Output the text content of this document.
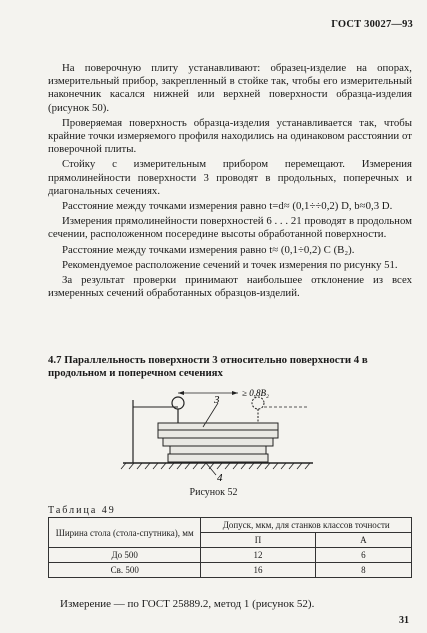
ГОСТ 30027—93

На поверочную плиту устанавливают: образец-изделие на опорах, измерительный прибор, закрепленный в стойке так, чтобы его измерительный наконечник касался нижней или верхней поверхности образца-изделия (рисунок 50).

Проверяемая поверхность образца-изделия устанавливается так, чтобы крайние точки измеряемого профиля находились на одинаковом расстоянии от поверочной плиты.

Стойку с измерительным прибором перемещают. Измерения прямолинейности поверхности 3 проводят в продольных, поперечных и диагональных сечениях.

Расстояние между точками измерения равно t=d≈ (0,1÷÷0,2) D, b≈0,3 D.

Измерения прямолинейности поверхностей 6 . . . 21 проводят в продольном сечении, расположенном посередине высоты обработанной поверхности.

Расстояние между точками измерения равно t≈ (0,1÷0,2) C (B₂).

Рекомендуемое расположение сечений и точек измерения по рисунку 51.

За результат проверки принимают наибольшее отклонение из всех измеренных сечений обработанных образцов-изделий.

4.7 Параллельность поверхности 3 относительно поверхности 4 в продольном и поперечном сечениях
≥ 0,8B₂
3
4
Рисунок 52
Таблица 49
Ширина стола (стола-спутника), мм	Допуск, мкм, для станков классов точности	
	П	А
До 500	12	6
Св. 500	16	8
Измерение — по ГОСТ 25889.2, метод 1 (рисунок 52).
31
